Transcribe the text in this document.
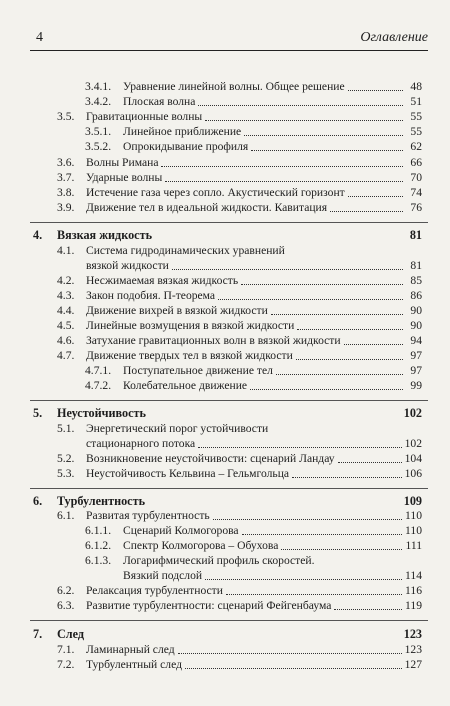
4	Оглавление
3.4.1.	Уравнение линейной волны. Общее решение	48
3.4.2.	Плоская волна	51
3.5.	Гравитационные волны	55
3.5.1.	Линейное приближение	55
3.5.2.	Опрокидывание профиля	62
3.6.	Волны Римана	66
3.7.	Ударные волны	70
3.8.	Истечение газа через сопло. Акустический горизонт	74
3.9.	Движение тел в идеальной жидкости. Кавитация	76
4.	Вязкая жидкость	81
4.1. Система гидродинамических уравнений
вязкой жидкости	81
4.2.	Несжимаемая вязкая жидкость	85
4.3.	Закон подобия. П-теорема	86
4.4.	Движение вихрей в вязкой жидкости	90
4.5.	Линейные возмущения в вязкой жидкости	90
4.6.	Затухание гравитационных волн в вязкой жидкости	94
4.7.	Движение твердых тел в вязкой жидкости	97
4.7.1.	Поступательное движение тел	97
4.7.2.	Колебательное движение	99
5.	Неустойчивость	102
5.1. Энергетический порог устойчивости
стационарного потока	102
5.2.	Возникновение неустойчивости: сценарий Ландау	104
5.3.	Неустойчивость Кельвина – Гельмгольца	106
6.	Турбулентность	109
6.1.	Развитая турбулентность	110
6.1.1.	Сценарий Колмогорова	110
6.1.2.	Спектр Колмогорова – Обухова	111
6.1.3. Логарифмический профиль скоростей.
Вязкий подслой	114
6.2.	Релаксация турбулентности	116
6.3.	Развитие турбулентности: сценарий Фейгенбаума	119
7.	След	123
7.1.	Ламинарный след	123
7.2.	Турбулентный след	127
